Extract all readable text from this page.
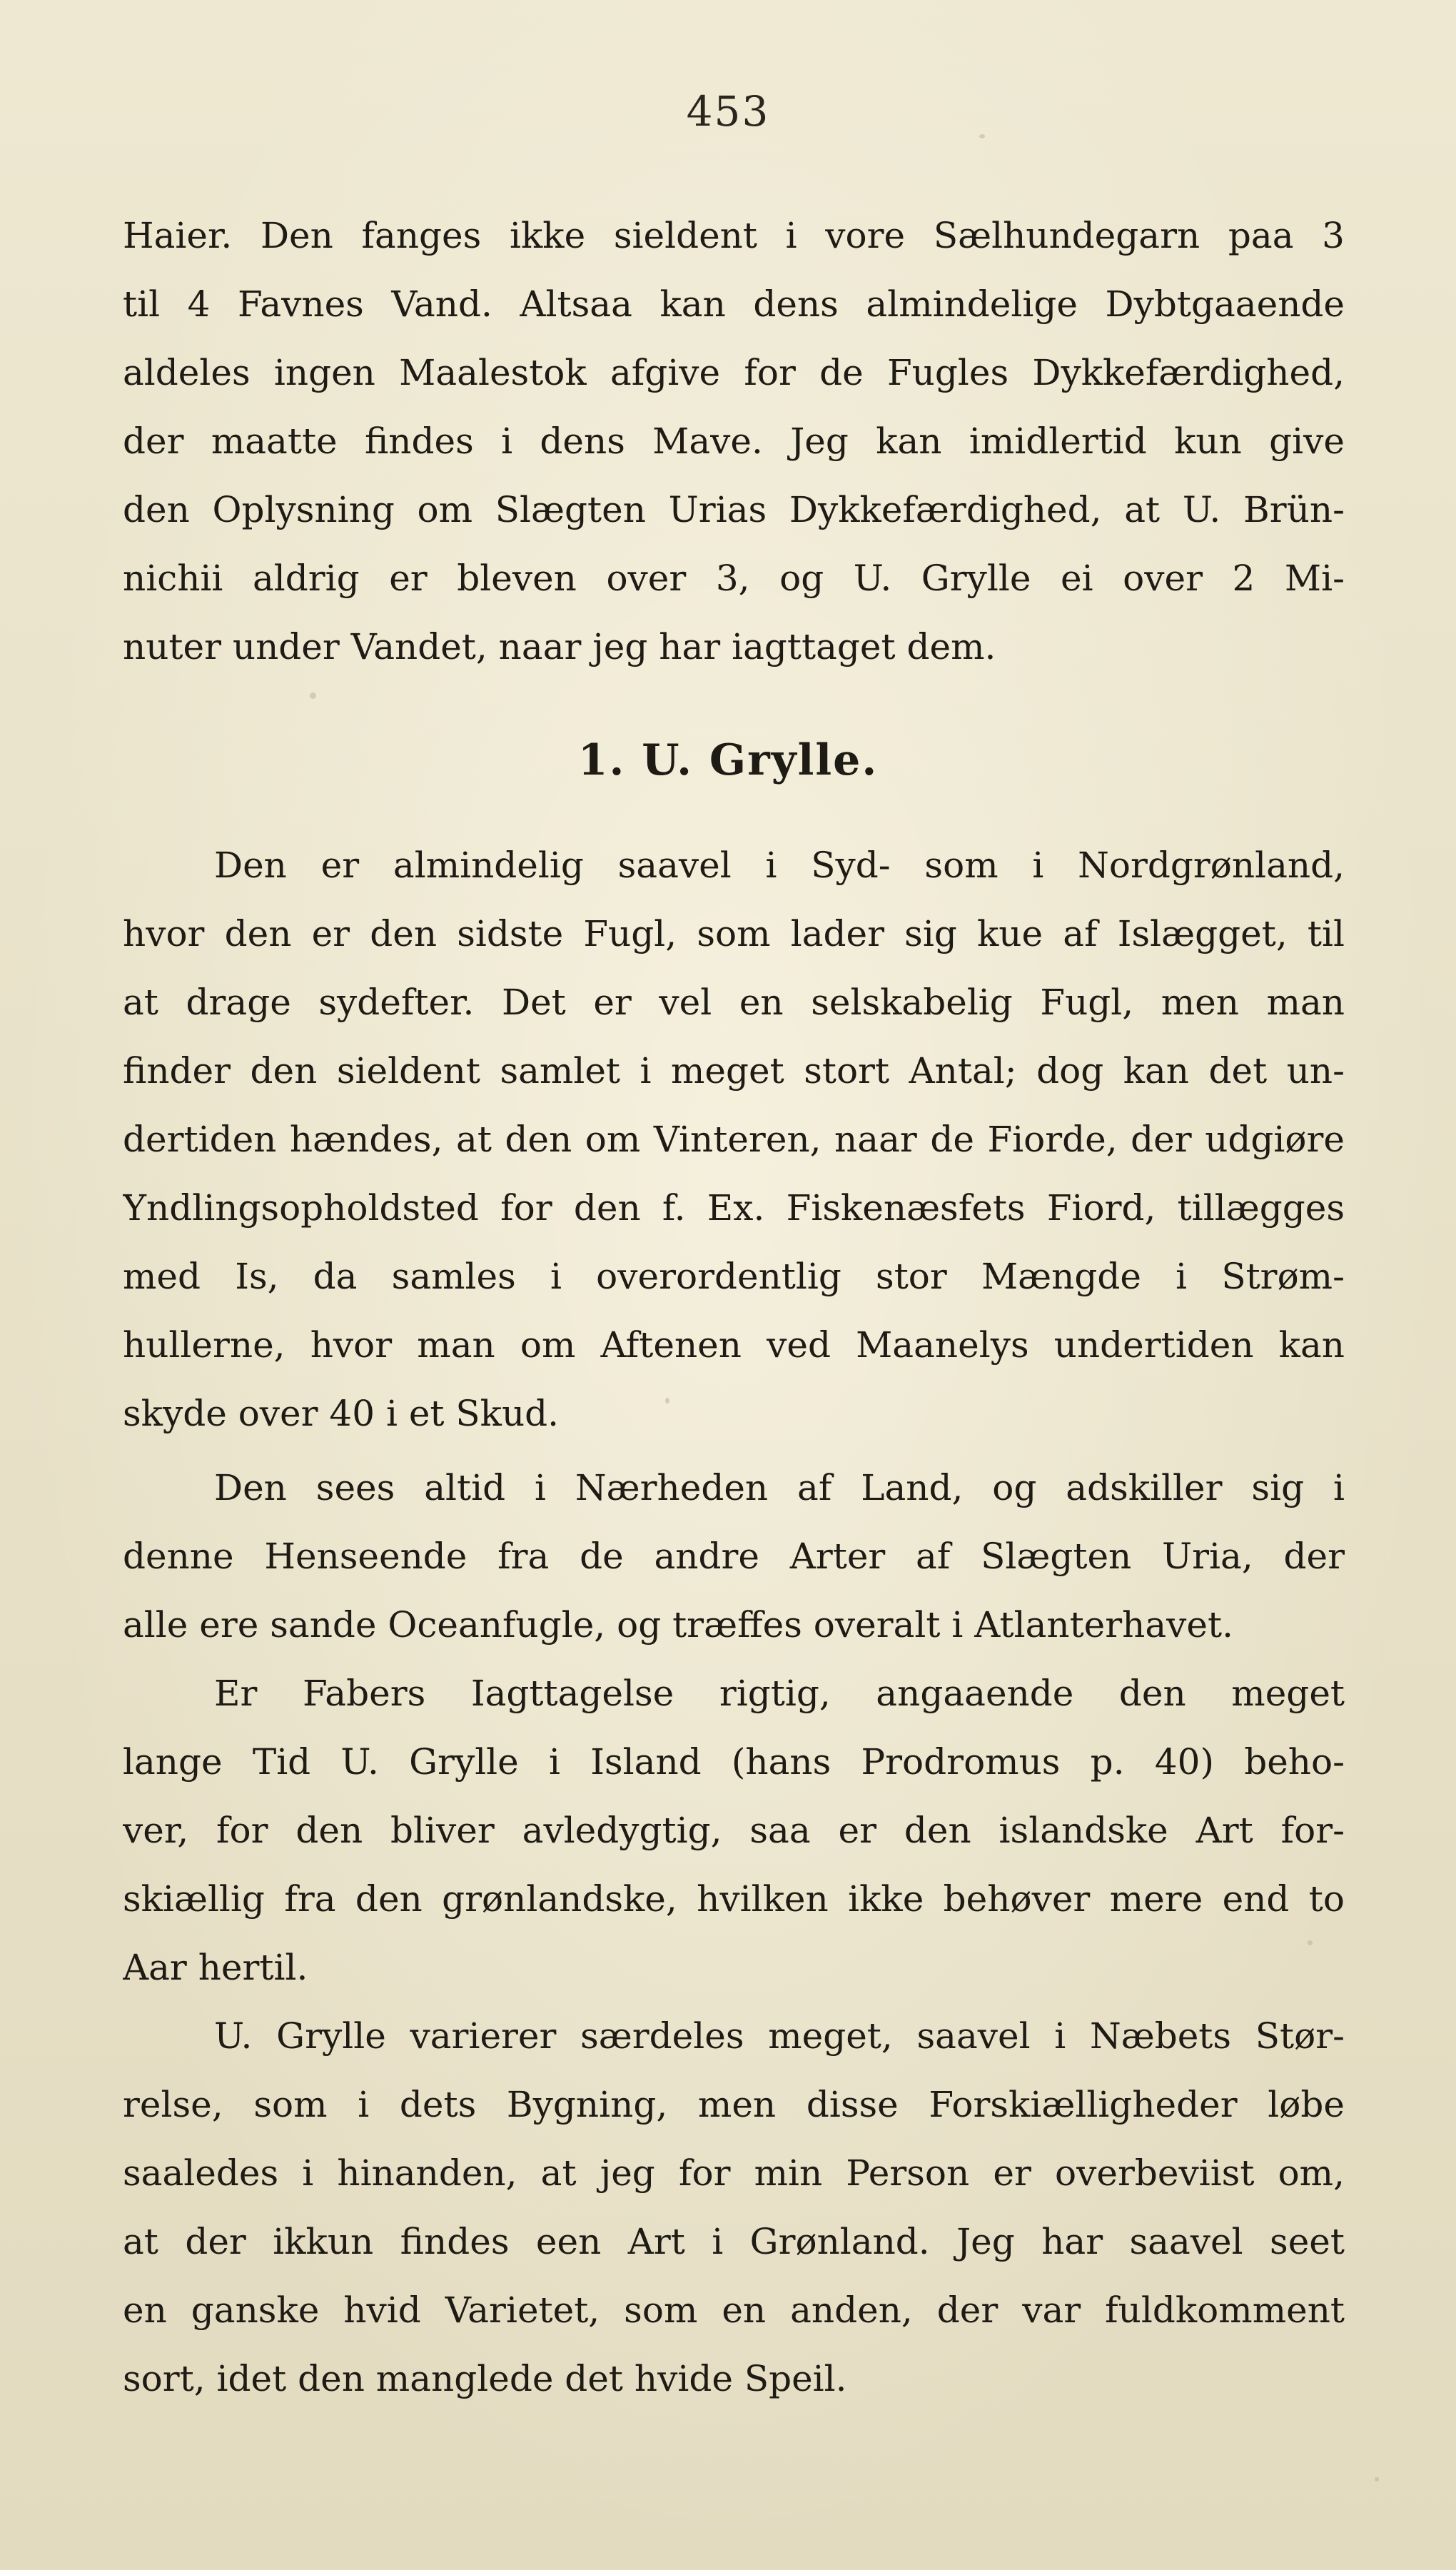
453

Haier. Den fanges ikke sieldent i vore Sælhundegarn paa 3
til 4 Favnes Vand. Altsaa kan dens almindelige Dybtgaaende
aldeles ingen Maalestok afgive for de Fugles Dykkefærdighed,
der maatte findes i dens Mave. Jeg kan imidlertid kun give
den Oplysning om Slægten Urias Dykkefærdighed, at U. Brün-
nichii aldrig er bleven over 3, og U. Grylle ei over 2 Mi-
nuter under Vandet, naar jeg har iagttaget dem.

1. U. Grylle.

Den er almindelig saavel i Syd- som i Nordgrønland,
hvor den er den sidste Fugl, som lader sig kue af Islægget, til
at drage sydefter. Det er vel en selskabelig Fugl, men man
finder den sieldent samlet i meget stort Antal; dog kan det un-
dertiden hændes, at den om Vinteren, naar de Fiorde, der udgiøre
Yndlingsopholdsted for den f. Ex. Fiskenæsfets Fiord, tillægges
med Is, da samles i overordentlig stor Mængde i Strøm-
hullerne, hvor man om Aftenen ved Maanelys undertiden kan
skyde over 40 i et Skud.

Den sees altid i Nærheden af Land, og adskiller sig i
denne Henseende fra de andre Arter af Slægten Uria, der
alle ere sande Oceanfugle, og træffes overalt i Atlanterhavet.

Er Fabers Iagttagelse rigtig, angaaende den meget
lange Tid U. Grylle i Island (hans Prodromus p. 40) beho-
ver, for den bliver avledygtig, saa er den islandske Art for-
skiællig fra den grønlandske, hvilken ikke behøver mere end to
Aar hertil.

U. Grylle varierer særdeles meget, saavel i Næbets Stør-
relse, som i dets Bygning, men disse Forskiælligheder løbe
saaledes i hinanden, at jeg for min Person er overbeviist om,
at der ikkun findes een Art i Grønland. Jeg har saavel seet
en ganske hvid Varietet, som en anden, der var fuldkomment
sort, idet den manglede det hvide Speil.
